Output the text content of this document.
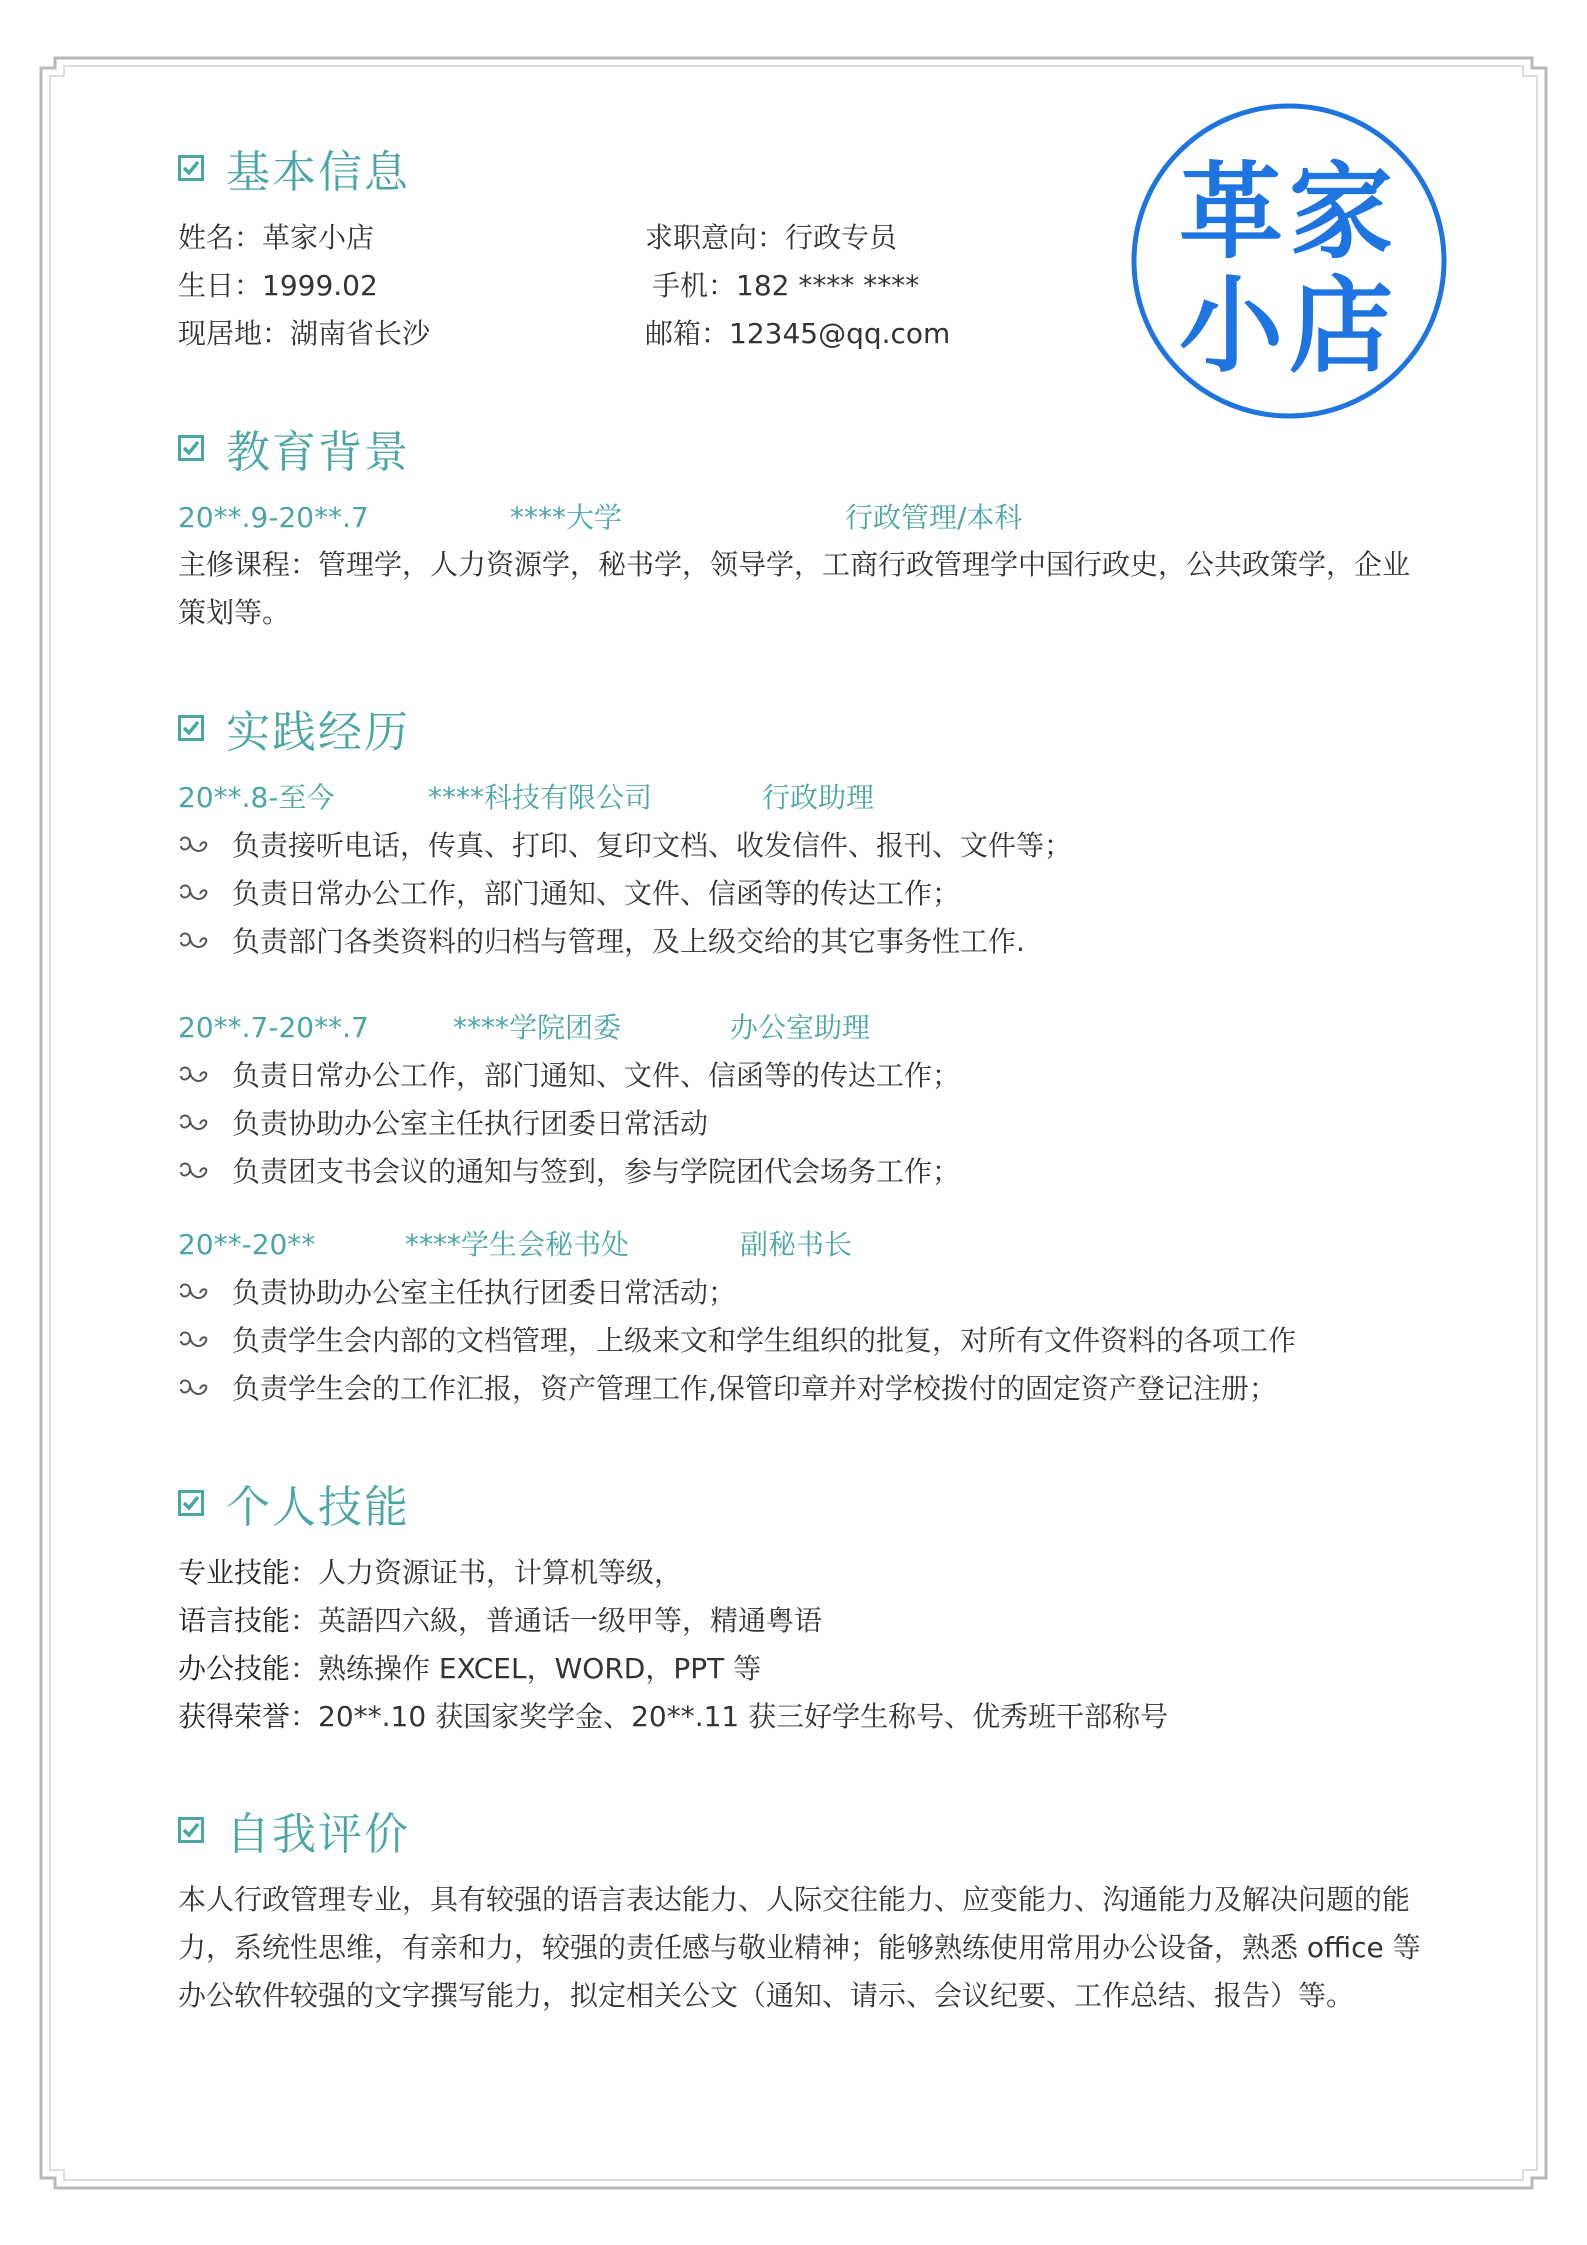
革家
小店
基本信息
姓名：革家小店	求职意向：行政专员
生日：1999.02	手机：182 **** ****
现居地：湖南省长沙	邮箱：12345@qq.com
教育背景
20**.9-20**.7	****大学	行政管理/本科
主修课程：管理学，人力资源学，秘书学，领导学，工商行政管理学中国行政史，公共政策学，企业
策划等。
实践经历
20**.8-至今	****科技有限公司	行政助理
负责接听电话，传真、打印、复印文档、收发信件、报刊、文件等；
负责日常办公工作，部门通知、文件、信函等的传达工作；
负责部门各类资料的归档与管理，及上级交给的其它事务性工作.
20**.7-20**.7	****学院团委	办公室助理
负责日常办公工作，部门通知、文件、信函等的传达工作；
负责协助办公室主任执行团委日常活动
负责团支书会议的通知与签到，参与学院团代会场务工作；
20**-20**	****学生会秘书处	副秘书长
负责协助办公室主任执行团委日常活动；
负责学生会内部的文档管理，上级来文和学生组织的批复，对所有文件资料的各项工作
负责学生会的工作汇报，资产管理工作,保管印章并对学校拨付的固定资产登记注册；
个人技能
专业技能：人力资源证书，计算机等级，
语言技能：英語四六級，普通话一级甲等，精通粤语
办公技能：熟练操作 EXCEL，WORD，PPT 等
获得荣誉：20**.10 获国家奖学金、20**.11 获三好学生称号、优秀班干部称号
自我评价
本人行政管理专业，具有较强的语言表达能力、人际交往能力、应变能力、沟通能力及解决问题的能
力，系统性思维，有亲和力，较强的责任感与敬业精神；能够熟练使用常用办公设备，熟悉 office 等
办公软件较强的文字撰写能力，拟定相关公文（通知、请示、会议纪要、工作总结、报告）等。
